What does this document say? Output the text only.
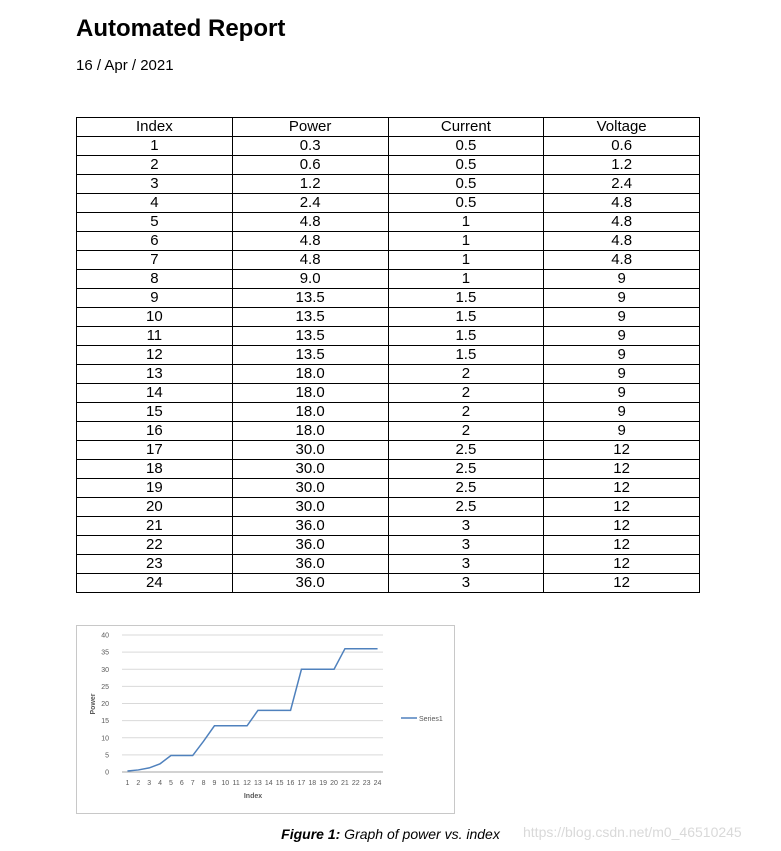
Automated Report
16 / Apr / 2021
Index	Power	Current	Voltage
1	0.3	0.5	0.6
2	0.6	0.5	1.2
3	1.2	0.5	2.4
4	2.4	0.5	4.8
5	4.8	1	4.8
6	4.8	1	4.8
7	4.8	1	4.8
8	9.0	1	9
9	13.5	1.5	9
10	13.5	1.5	9
11	13.5	1.5	9
12	13.5	1.5	9
13	18.0	2	9
14	18.0	2	9
15	18.0	2	9
16	18.0	2	9
17	30.0	2.5	12
18	30.0	2.5	12
19	30.0	2.5	12
20	30.0	2.5	12
21	36.0	3	12
22	36.0	3	12
23	36.0	3	12
24	36.0	3	12
0
5
10
15
20
25
30
35
40
1 2 3 4 5 6 7 8 9 10 11 12 13 14 15 16 17 18 19 20 21 22 23 24
Series1
Index
Power
Figure 1: Graph of power vs. index	https://blog.csdn.net/m0_46510245
